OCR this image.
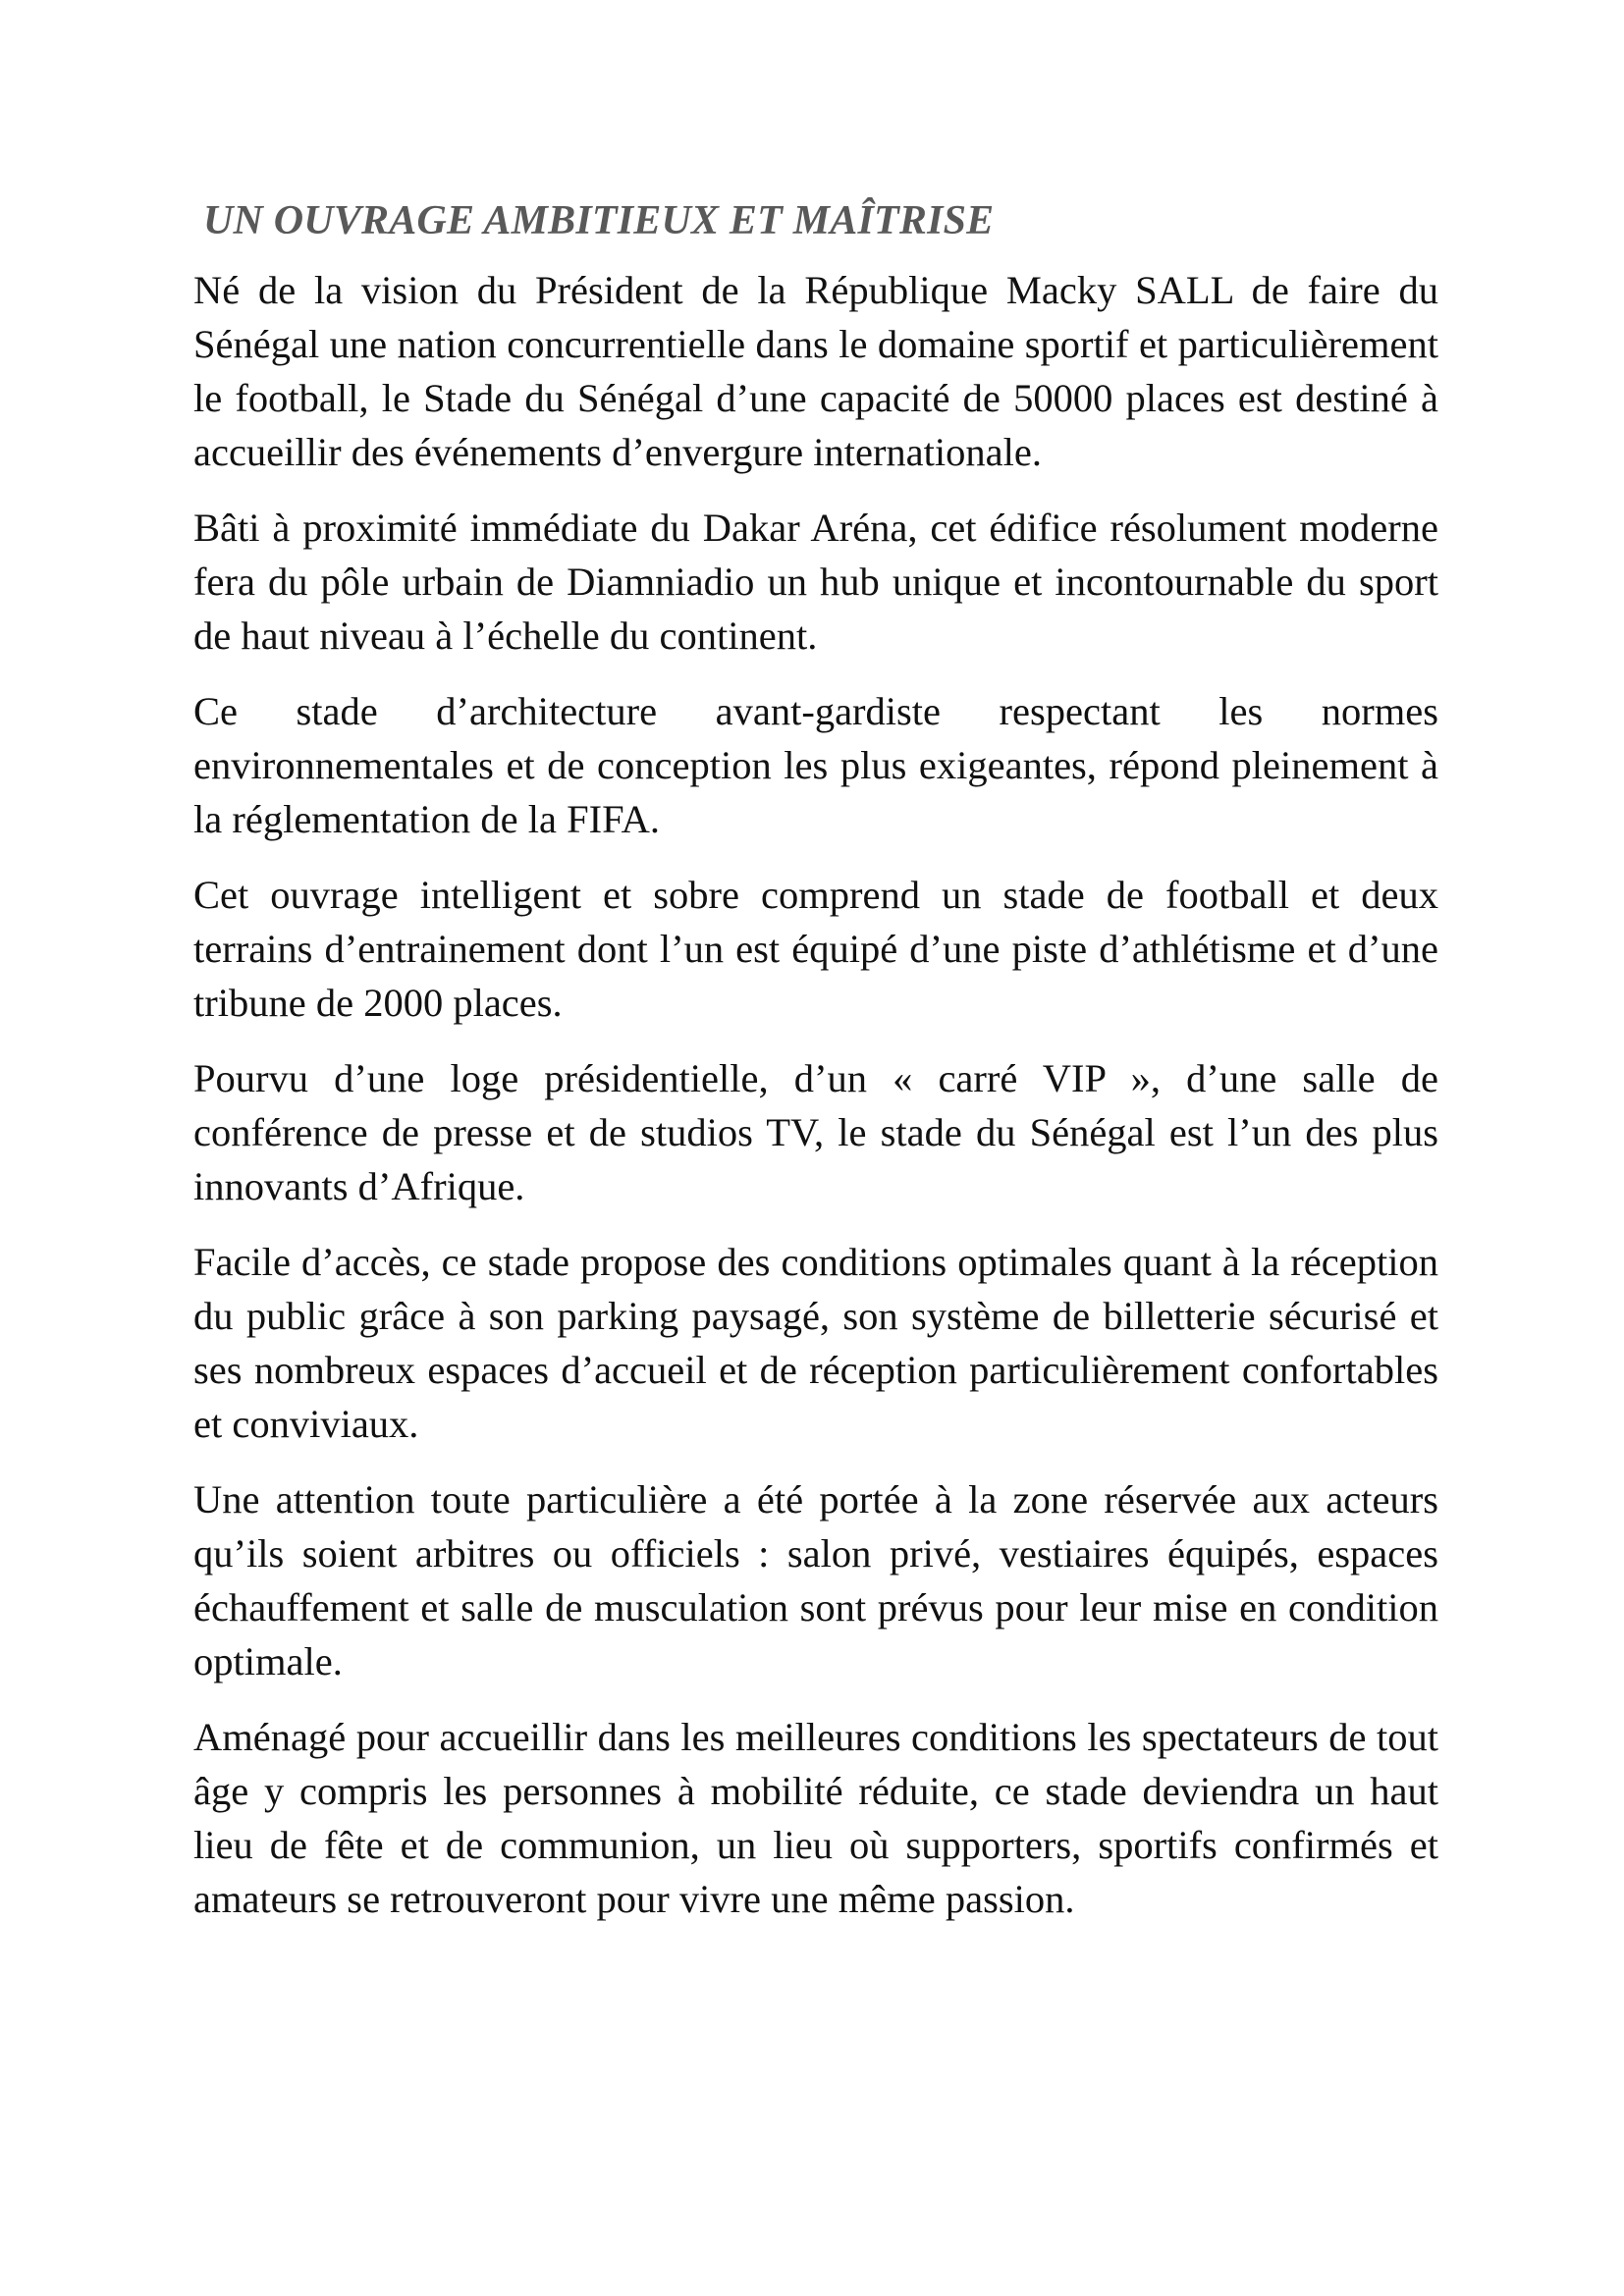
UN OUVRAGE AMBITIEUX ET MAÎTRISE

Né de la vision du Président de la République Macky SALL de faire du Sénégal une nation concurrentielle dans le domaine sportif et particulièrement le football, le Stade du Sénégal d’une capacité de 50000 places est destiné à accueillir des événements d’envergure internationale.

Bâti à proximité immédiate du Dakar Aréna, cet édifice résolument moderne fera du pôle urbain de Diamniadio un hub unique et incontournable du sport de haut niveau à l’échelle du continent.

Ce stade d’architecture avant-gardiste respectant les normes environnementales et de conception les plus exigeantes, répond pleinement à la réglementation de la FIFA.

Cet ouvrage intelligent et sobre comprend un stade de football et deux terrains d’entrainement dont l’un est équipé d’une piste d’athlétisme et d’une tribune de 2000 places.

Pourvu d’une loge présidentielle, d’un « carré VIP », d’une salle de conférence de presse et de studios TV, le stade du Sénégal est l’un des plus innovants d’Afrique.

Facile d’accès, ce stade propose des conditions optimales quant à la réception du public grâce à son parking paysagé, son système de billetterie sécurisé et ses nombreux espaces d’accueil et de réception particulièrement confortables et conviviaux.

Une attention toute particulière a été portée à la zone réservée aux acteurs qu’ils soient arbitres ou officiels : salon privé, vestiaires équipés, espaces échauffement et salle de musculation sont prévus pour leur mise en condition optimale.

Aménagé pour accueillir dans les meilleures conditions les spectateurs de tout âge y compris les personnes à mobilité réduite, ce stade deviendra un haut lieu de fête et de communion, un lieu où supporters, sportifs confirmés et amateurs se retrouveront pour vivre une même passion.
